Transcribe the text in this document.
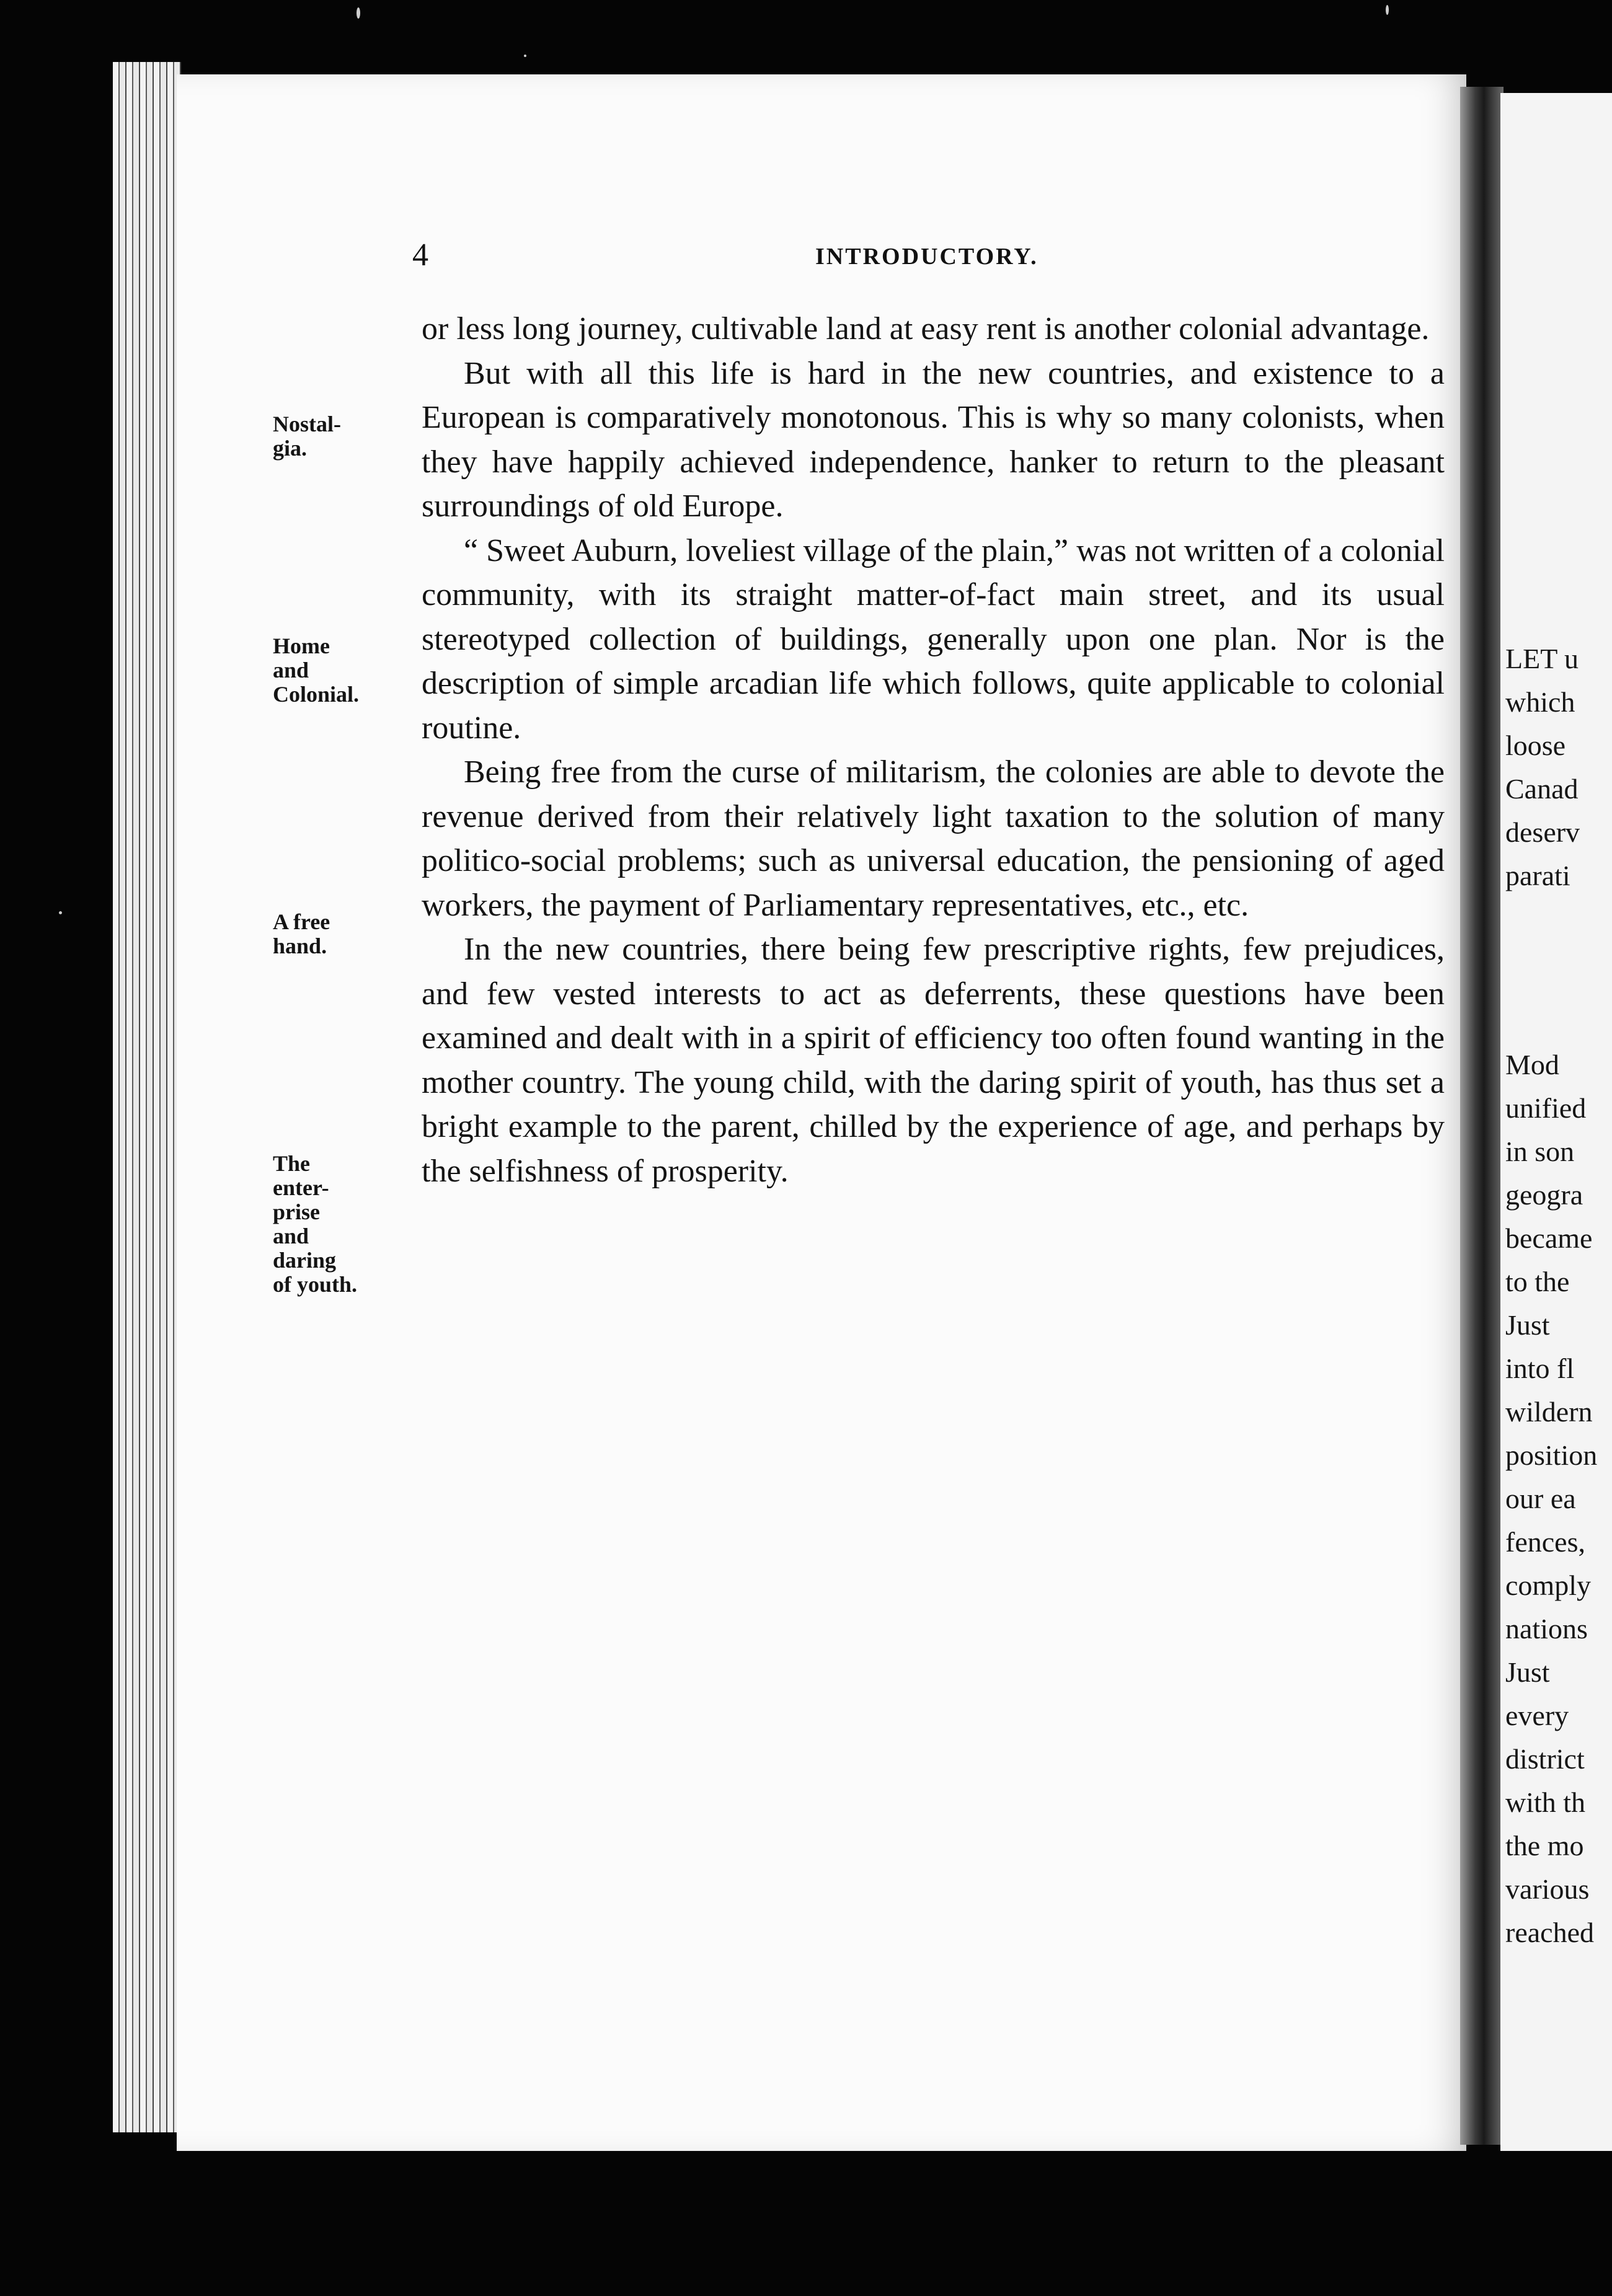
LET u
which
loose
Canad
deserv
parati
Mod
unified
in son
geogra
became
to the
Just
into fl
wildern
position
our ea
fences,
comply
nations
Just
every
district
with th
the mo
various
reached
4	INTRODUCTORY.
Nostal-
gia.
Home
and
Colonial.
A free
hand.
The
enter-
prise
and
daring
of youth.

or less long journey, cultivable land at easy rent is another colonial advantage.

But with all this life is hard in the new countries, and existence to a European is comparatively monotonous. This is why so many colonists, when they have happily achieved independence, hanker to return to the pleasant surroundings of old Europe.

“ Sweet Auburn, loveliest village of the plain,” was not written of a colonial community, with its straight matter-of-fact main street, and its usual stereotyped collection of buildings, generally upon one plan. Nor is the description of simple arcadian life which follows, quite applicable to colonial routine.

Being free from the curse of militarism, the colonies are able to devote the revenue derived from their relatively light taxation to the solution of many politico-social problems; such as universal education, the pensioning of aged workers, the payment of Parliamentary representatives, etc., etc.

In the new countries, there being few prescriptive rights, few prejudices, and few vested interests to act as deferrents, these questions have been examined and dealt with in a spirit of efficiency too often found wanting in the mother country. The young child, with the daring spirit of youth, has thus set a bright example to the parent, chilled by the experience of age, and perhaps by the selfishness of prosperity.
